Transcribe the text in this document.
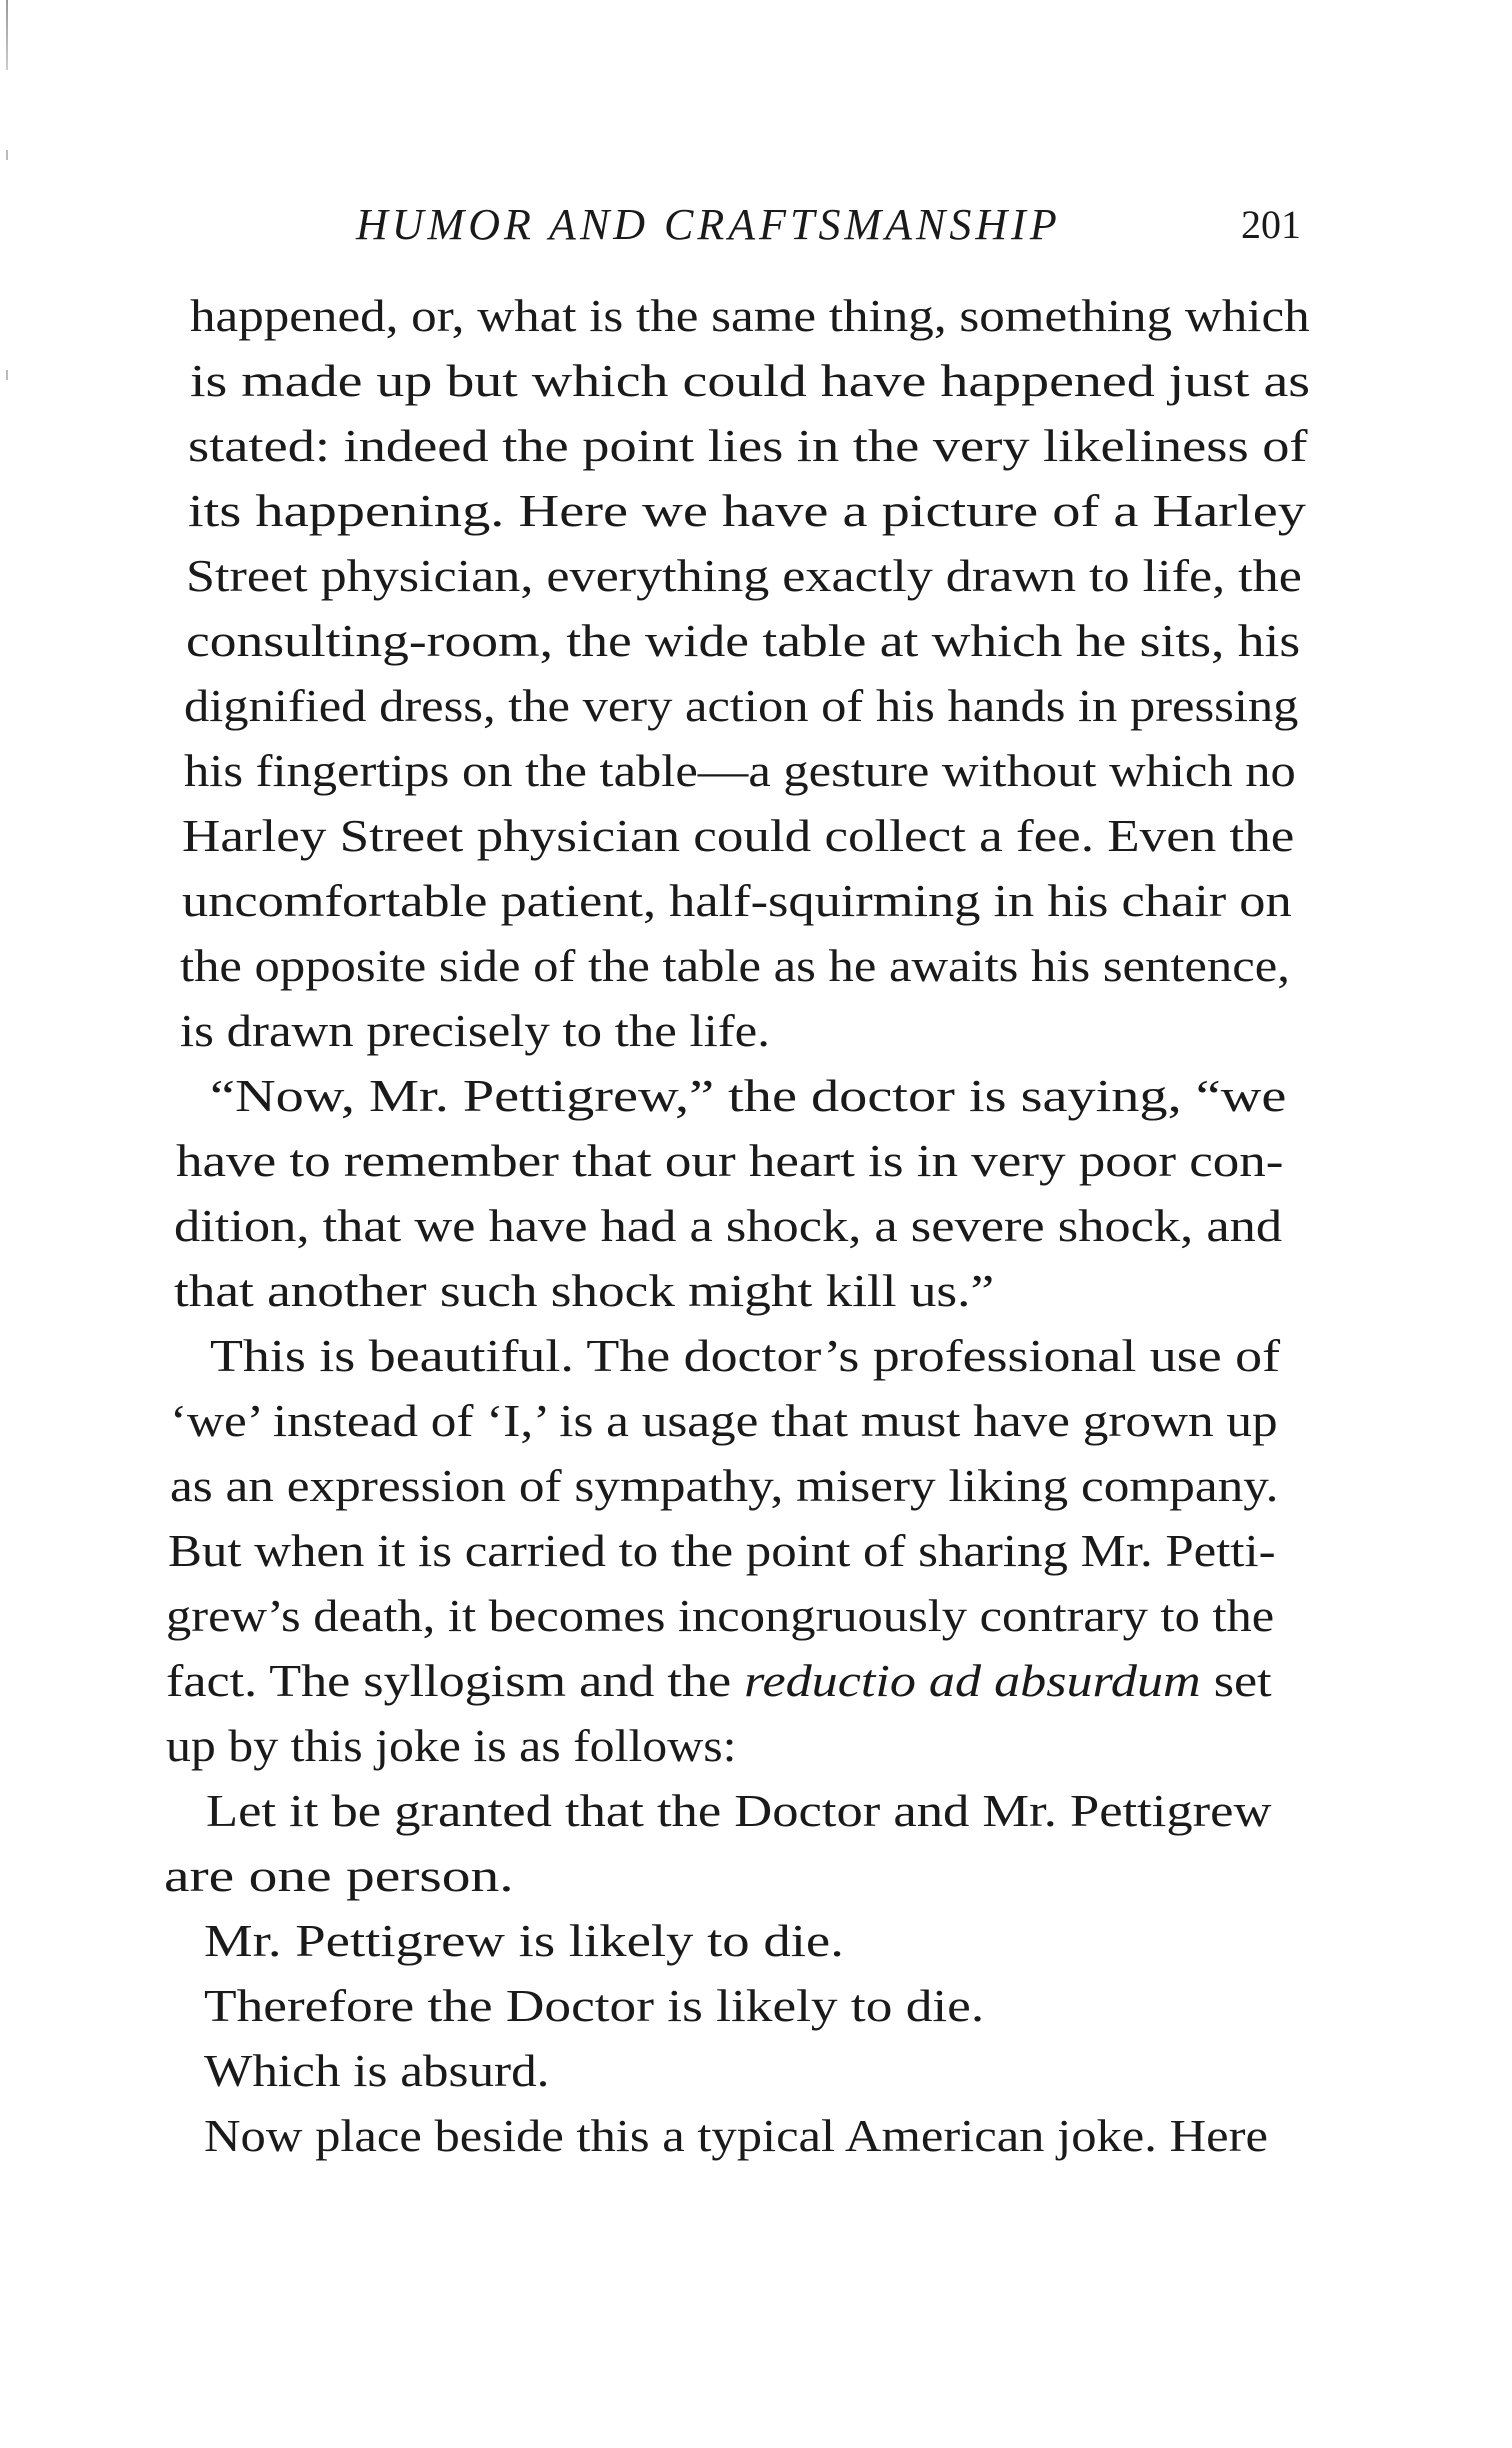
HUMOR AND CRAFTSMANSHIP	201
happened, or, what is the same thing, something which
is made up but which could have happened just as
stated: indeed the point lies in the very likeliness of
its happening. Here we have a picture of a Harley
Street physician, everything exactly drawn to life, the
consulting-room, the wide table at which he sits, his
dignified dress, the very action of his hands in pressing
his fingertips on the table—a gesture without which no
Harley Street physician could collect a fee. Even the
uncomfortable patient, half-squirming in his chair on
the opposite side of the table as he awaits his sentence,
is drawn precisely to the life.
“Now, Mr. Pettigrew,” the doctor is saying, “we
have to remember that our heart is in very poor con-
dition, that we have had a shock, a severe shock, and
that another such shock might kill us.”
This is beautiful. The doctor’s professional use of
‘we’ instead of ‘I,’ is a usage that must have grown up
as an expression of sympathy, misery liking company.
But when it is carried to the point of sharing Mr. Petti-
grew’s death, it becomes incongruously contrary to the
fact. The syllogism and the reductio ad absurdum set
up by this joke is as follows:
Let it be granted that the Doctor and Mr. Pettigrew
are one person.
Mr. Pettigrew is likely to die.
Therefore the Doctor is likely to die.
Which is absurd.
Now place beside this a typical American joke. Here
